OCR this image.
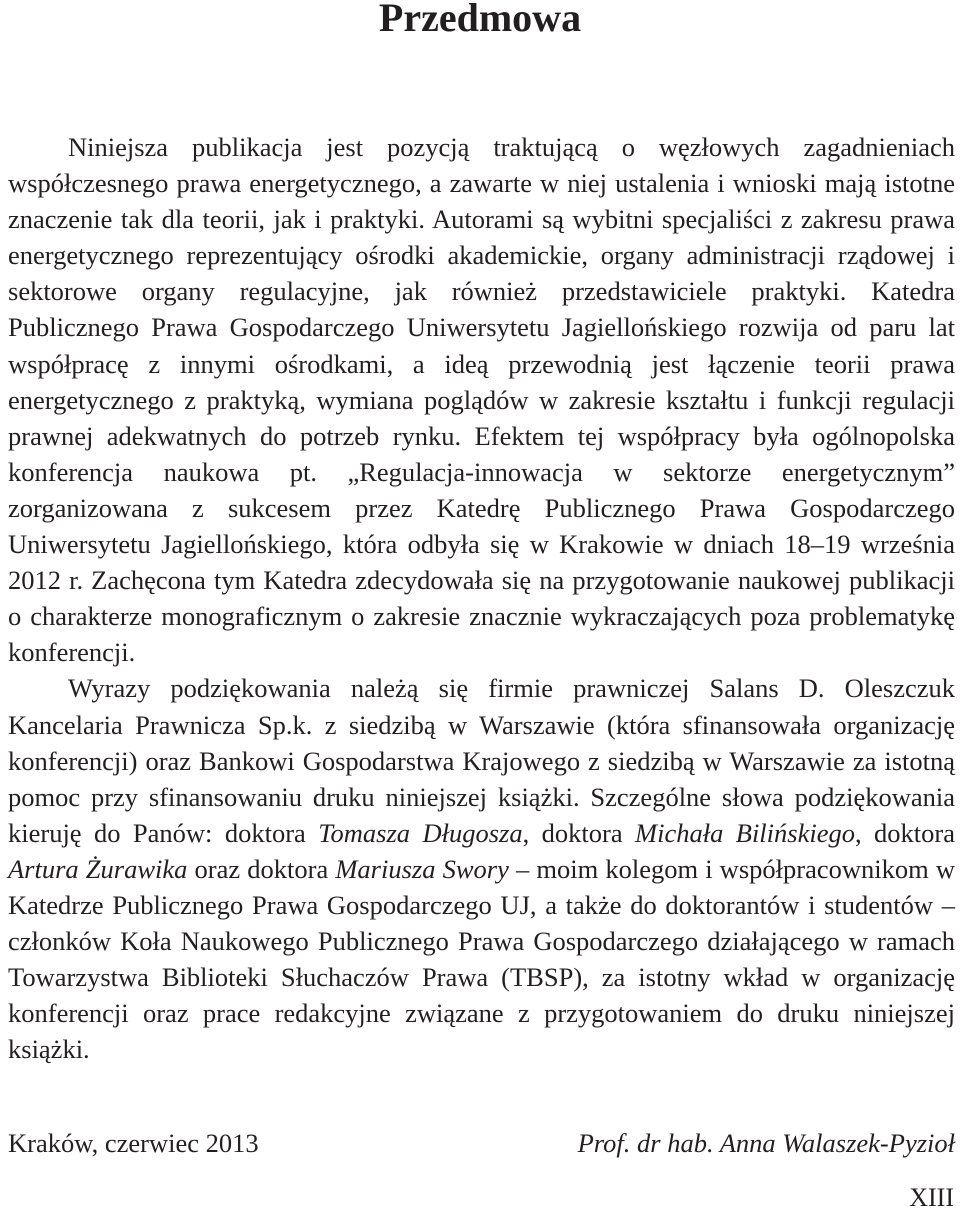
Przedmowa

Niniejsza publikacja jest pozycją traktującą o węzłowych zagadnieniach współczesnego prawa energetycznego, a zawarte w niej ustalenia i wnioski mają istotne znaczenie tak dla teorii, jak i praktyki. Autorami są wybitni specjaliści z zakresu prawa energetycznego reprezentujący ośrodki akademickie, organy administracji rządowej i sektorowe organy regulacyjne, jak również przedstawiciele praktyki. Katedra Publicznego Prawa Gospodarczego Uniwersytetu Jagiellońskiego rozwija od paru lat współpracę z innymi ośrodkami, a ideą przewodnią jest łączenie teorii prawa energetycznego z praktyką, wymiana poglądów w zakresie kształtu i funkcji regulacji prawnej adekwatnych do potrzeb rynku. Efektem tej współpracy była ogólnopolska konferencja naukowa pt. „Regulacja-innowacja w sektorze energetycznym” zorganizowana z sukcesem przez Katedrę Publicznego Prawa Gospodarczego Uniwersytetu Jagiellońskiego, która odbyła się w Krakowie w dniach 18–19 września 2012 r. Zachęcona tym Katedra zdecydowała się na przygotowanie naukowej publikacji o charakterze monograficznym o zakresie znacznie wykraczających poza problematykę konferencji.

Wyrazy podziękowania należą się firmie prawniczej Salans D. Oleszczuk Kancelaria Prawnicza Sp.k. z siedzibą w Warszawie (która sfinansowała organizację konferencji) oraz Bankowi Gospodarstwa Krajowego z siedzibą w Warszawie za istotną pomoc przy sfinansowaniu druku niniejszej książki. Szczególne słowa podziękowania kieruję do Panów: doktora Tomasza Długosza, doktora Michała Bilińskiego, doktora Artura Żurawika oraz doktora Mariusza Swory – moim kolegom i współpracownikom w Katedrze Publicznego Prawa Gospodarczego UJ, a także do doktorantów i studentów – członków Koła Naukowego Publicznego Prawa Gospodarczego działającego w ramach Towarzystwa Biblioteki Słuchaczów Prawa (TBSP), za istotny wkład w organizację konferencji oraz prace redakcyjne związane z przygotowaniem do druku niniejszej książki.

Kraków, czerwiec 2013	Prof. dr hab. Anna Walaszek-Pyzioł
XIII
